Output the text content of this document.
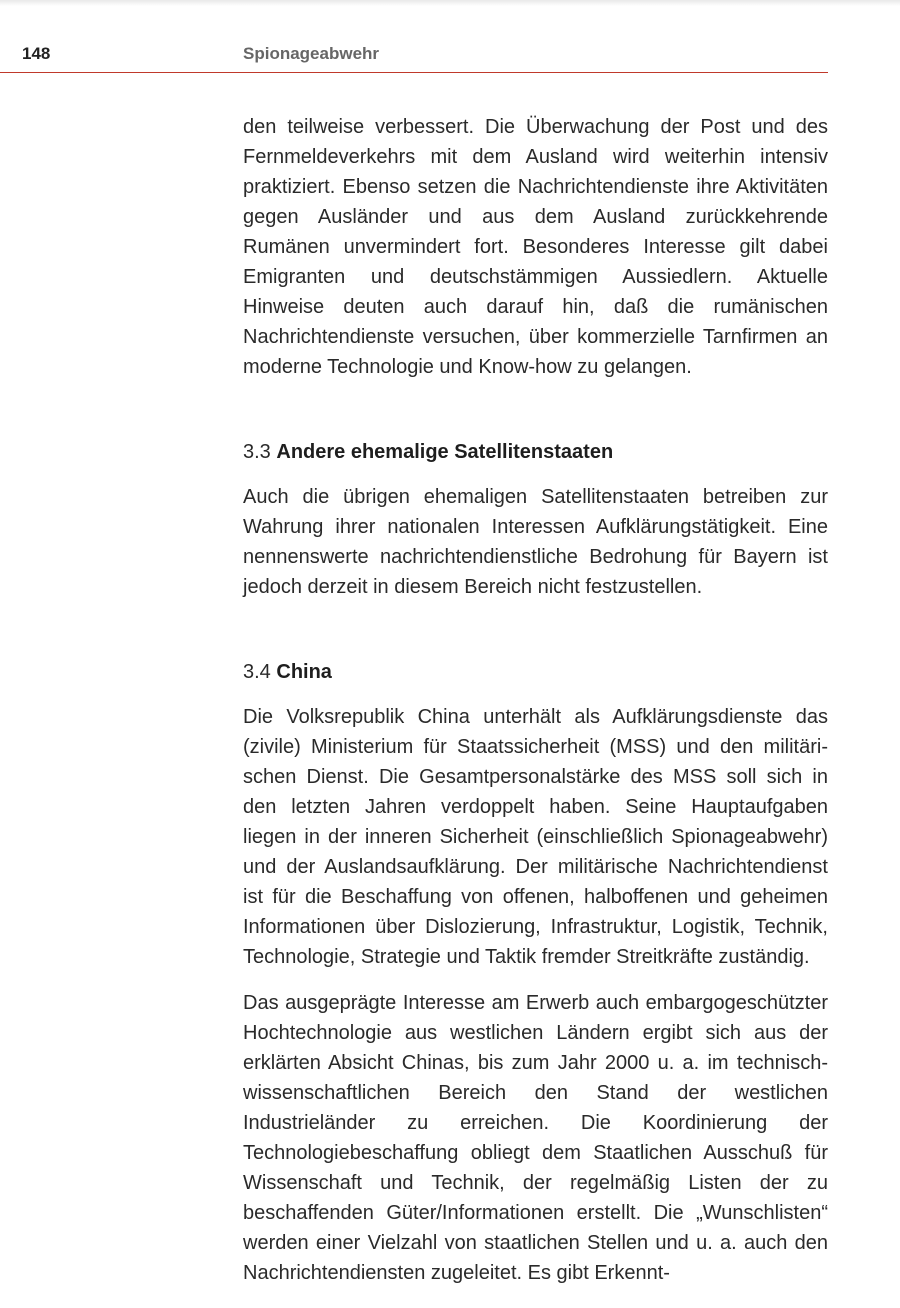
148	Spionageabwehr

den teilweise verbessert. Die Überwachung der Post und des Fernmeldeverkehrs mit dem Ausland wird weiterhin intensiv praktiziert. Ebenso setzen die Nachrichtendienste ihre Aktivitäten gegen Ausländer und aus dem Ausland zurückkehrende Rumänen unvermindert fort. Besonderes Interesse gilt dabei Emigranten und deutschstämmigen Aussiedlern. Aktuelle Hinweise deuten auch darauf hin, daß die rumänischen Nachrichtendienste versuchen, über kommerzielle Tarnfirmen an moderne Technologie und Know-how zu gelangen.

3.3 Andere ehemalige Satellitenstaaten

Auch die übrigen ehemaligen Satellitenstaaten betreiben zur Wahrung ihrer nationalen Interessen Aufklärungstätigkeit. Eine nennenswerte nachrichtendienstliche Bedrohung für Bayern ist jedoch derzeit in diesem Bereich nicht festzustellen.

3.4 China

Die Volksrepublik China unterhält als Aufklärungsdienste das (zivile) Ministerium für Staatssicherheit (MSS) und den militärischen Dienst. Die Gesamtpersonalstärke des MSS soll sich in den letzten Jahren verdoppelt haben. Seine Hauptaufgaben liegen in der inneren Sicherheit (einschließlich Spionageabwehr) und der Auslandsaufklärung. Der militärische Nachrichtendienst ist für die Beschaffung von offenen, halboffenen und geheimen Informationen über Dislozierung, Infrastruktur, Logistik, Technik, Technologie, Strategie und Taktik fremder Streitkräfte zuständig.

Das ausgeprägte Interesse am Erwerb auch embargogeschützter Hochtechnologie aus westlichen Ländern ergibt sich aus der erklärten Absicht Chinas, bis zum Jahr 2000 u. a. im technisch-wissenschaftlichen Bereich den Stand der westlichen Industrieländer zu erreichen. Die Koordinierung der Technologiebeschaffung obliegt dem Staatlichen Ausschuß für Wissenschaft und Technik, der regelmäßig Listen der zu beschaffenden Güter/Informationen erstellt. Die „Wunschlisten“ werden einer Vielzahl von staatlichen Stellen und u. a. auch den Nachrichtendiensten zugeleitet. Es gibt Erkennt-
